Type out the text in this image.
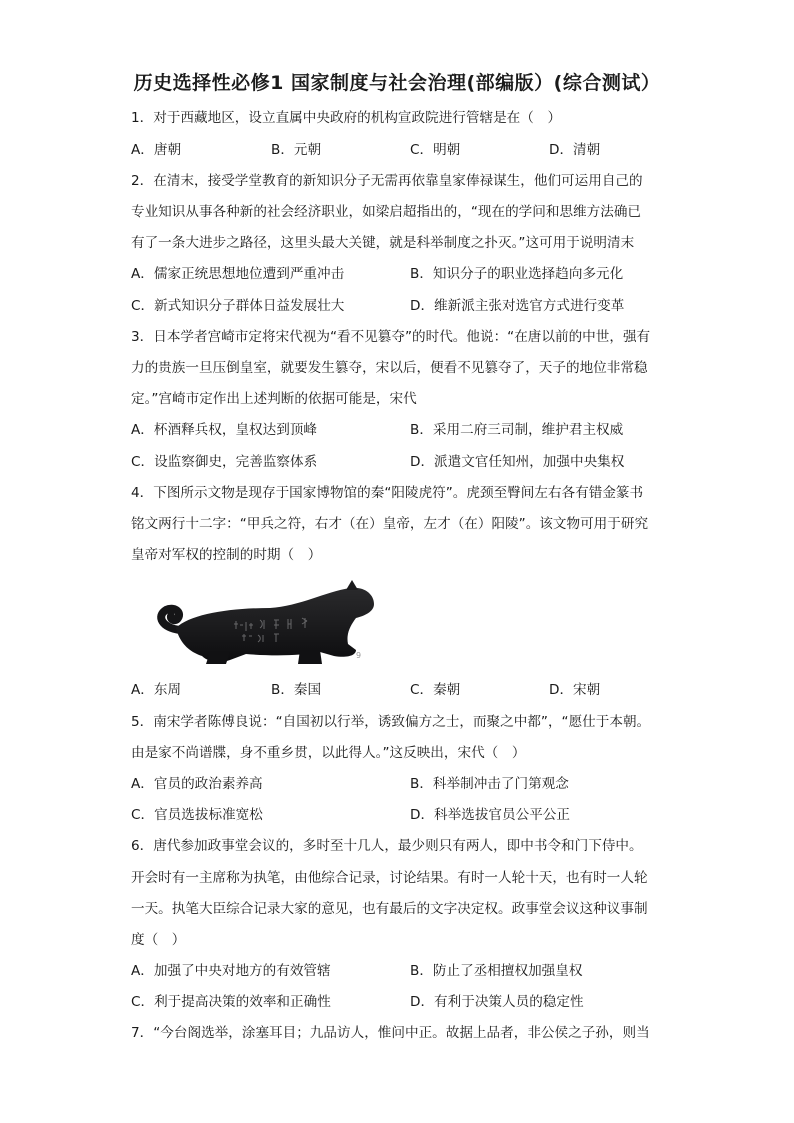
历史选择性必修1 国家制度与社会治理(部编版）(综合测试）
1．对于西藏地区，设立直属中央政府的机构宣政院进行管辖是在（　）
A．唐朝	B．元朝	C．明朝	D．清朝
2．在清末，接受学堂教育的新知识分子无需再依靠皇家俸禄谋生，他们可运用自己的
专业知识从事各种新的社会经济职业，如梁启超指出的，“现在的学问和思维方法确已
有了一条大进步之路径，这里头最大关键，就是科举制度之扑灭。”这可用于说明清末
A．儒家正统思想地位遭到严重冲击	B．知识分子的职业选择趋向多元化
C．新式知识分子群体日益发展壮大	D．维新派主张对选官方式进行变革
3．日本学者宫崎市定将宋代视为“看不见篡夺”的时代。他说：“在唐以前的中世，强有
力的贵族一旦压倒皇室，就要发生篡夺，宋以后，便看不见篡夺了，天子的地位非常稳
定。”宫崎市定作出上述判断的依据可能是，宋代
A．杯酒释兵权，皇权达到顶峰	B．采用二府三司制，维护君主权威
C．设监察御史，完善监察体系	D．派遣文官任知州，加强中央集权
4．下图所示文物是现存于国家博物馆的秦“阳陵虎符”。虎颈至臀间左右各有错金篆书
铭文两行十二字：“甲兵之符，右才（在）皇帝，左才（在）阳陵”。该文物可用于研究
皇帝对军权的控制的时期（　）
9
A．东周	B．秦国	C．秦朝	D．宋朝
5．南宋学者陈傅良说：“自国初以行举，诱致偏方之士，而聚之中都”，“愿仕于本朝。
由是家不尚谱牒，身不重乡贯，以此得人。”这反映出，宋代（　）
A．官员的政治素养高	B．科举制冲击了门第观念
C．官员选拔标准宽松	D．科举选拔官员公平公正
6．唐代参加政事堂会议的，多时至十几人，最少则只有两人，即中书令和门下侍中。
开会时有一主席称为执笔，由他综合记录，讨论结果。有时一人轮十天，也有时一人轮
一天。执笔大臣综合记录大家的意见，也有最后的文字决定权。政事堂会议这种议事制
度（　）
A．加强了中央对地方的有效管辖	B．防止了丞相擅权加强皇权
C．利于提高决策的效率和正确性	D．有利于决策人员的稳定性
7．“今台阁选举，涂塞耳目；九品访人，惟问中正。故据上品者，非公侯之子孙，则当
